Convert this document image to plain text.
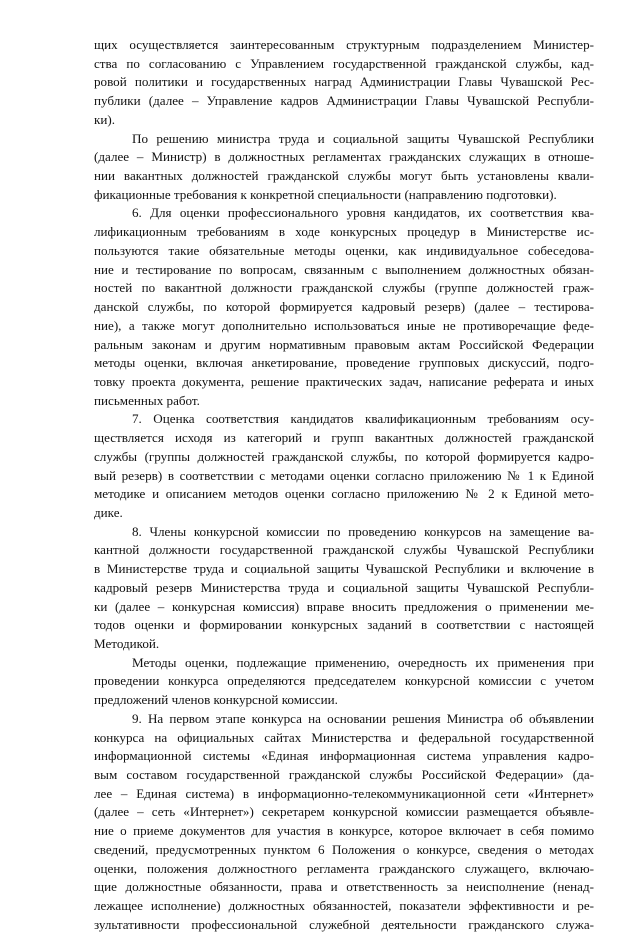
щих осуществляется заинтересованным структурным подразделением Министер-
ства по согласованию с Управлением государственной гражданской службы, кад-
ровой политики и государственных наград Администрации Главы Чувашской Рес-
публики (далее – Управление кадров Администрации Главы Чувашской Республи-
ки).
По решению министра труда и социальной защиты Чувашской Республики
(далее – Министр) в должностных регламентах гражданских служащих в отноше-
нии вакантных должностей гражданской службы могут быть установлены квали-
фикационные требования к конкретной специальности (направлению подготовки).
6. Для оценки профессионального уровня кандидатов, их соответствия ква-
лификационным требованиям в ходе конкурсных процедур в Министерстве ис-
пользуются такие обязательные методы оценки, как индивидуальное собеседова-
ние и тестирование по вопросам, связанным с выполнением должностных обязан-
ностей по вакантной должности гражданской службы (группе должностей граж-
данской службы, по которой формируется кадровый резерв) (далее – тестирова-
ние), а также могут дополнительно использоваться иные не противоречащие феде-
ральным законам и другим нормативным правовым актам Российской Федерации
методы оценки, включая анкетирование, проведение групповых дискуссий, подго-
товку проекта документа, решение практических задач, написание реферата и иных
письменных работ.
7. Оценка соответствия кандидатов квалификационным требованиям осу-
ществляется исходя из категорий и групп вакантных должностей гражданской
службы (группы должностей гражданской службы, по которой формируется кадро-
вый резерв) в соответствии с методами оценки согласно приложению № 1 к Единой
методике и описанием методов оценки согласно приложению № 2 к Единой мето-
дике.
8. Члены конкурсной комиссии по проведению конкурсов на замещение ва-
кантной должности государственной гражданской службы Чувашской Республики
в Министерстве труда и социальной защиты Чувашской Республики и включение в
кадровый резерв Министерства труда и социальной защиты Чувашской Республи-
ки (далее – конкурсная комиссия) вправе вносить предложения о применении ме-
тодов оценки и формировании конкурсных заданий в соответствии с настоящей
Методикой.
Методы оценки, подлежащие применению, очередность их применения при
проведении конкурса определяются председателем конкурсной комиссии с учетом
предложений членов конкурсной комиссии.
9. На первом этапе конкурса на основании решения Министра об объявлении
конкурса на официальных сайтах Министерства и федеральной государственной
информационной системы «Единая информационная система управления кадро-
вым составом государственной гражданской службы Российской Федерации» (да-
лее – Единая система) в информационно-телекоммуникационной сети «Интернет»
(далее – сеть «Интернет») секретарем конкурсной комиссии размещается объявле-
ние о приеме документов для участия в конкурсе, которое включает в себя помимо
сведений, предусмотренных пунктом 6 Положения о конкурсе, сведения о методах
оценки, положения должностного регламента гражданского служащего, включаю-
щие должностные обязанности, права и ответственность за неисполнение (ненад-
лежащее исполнение) должностных обязанностей, показатели эффективности и ре-
зультативности профессиональной служебной деятельности гражданского служа-
